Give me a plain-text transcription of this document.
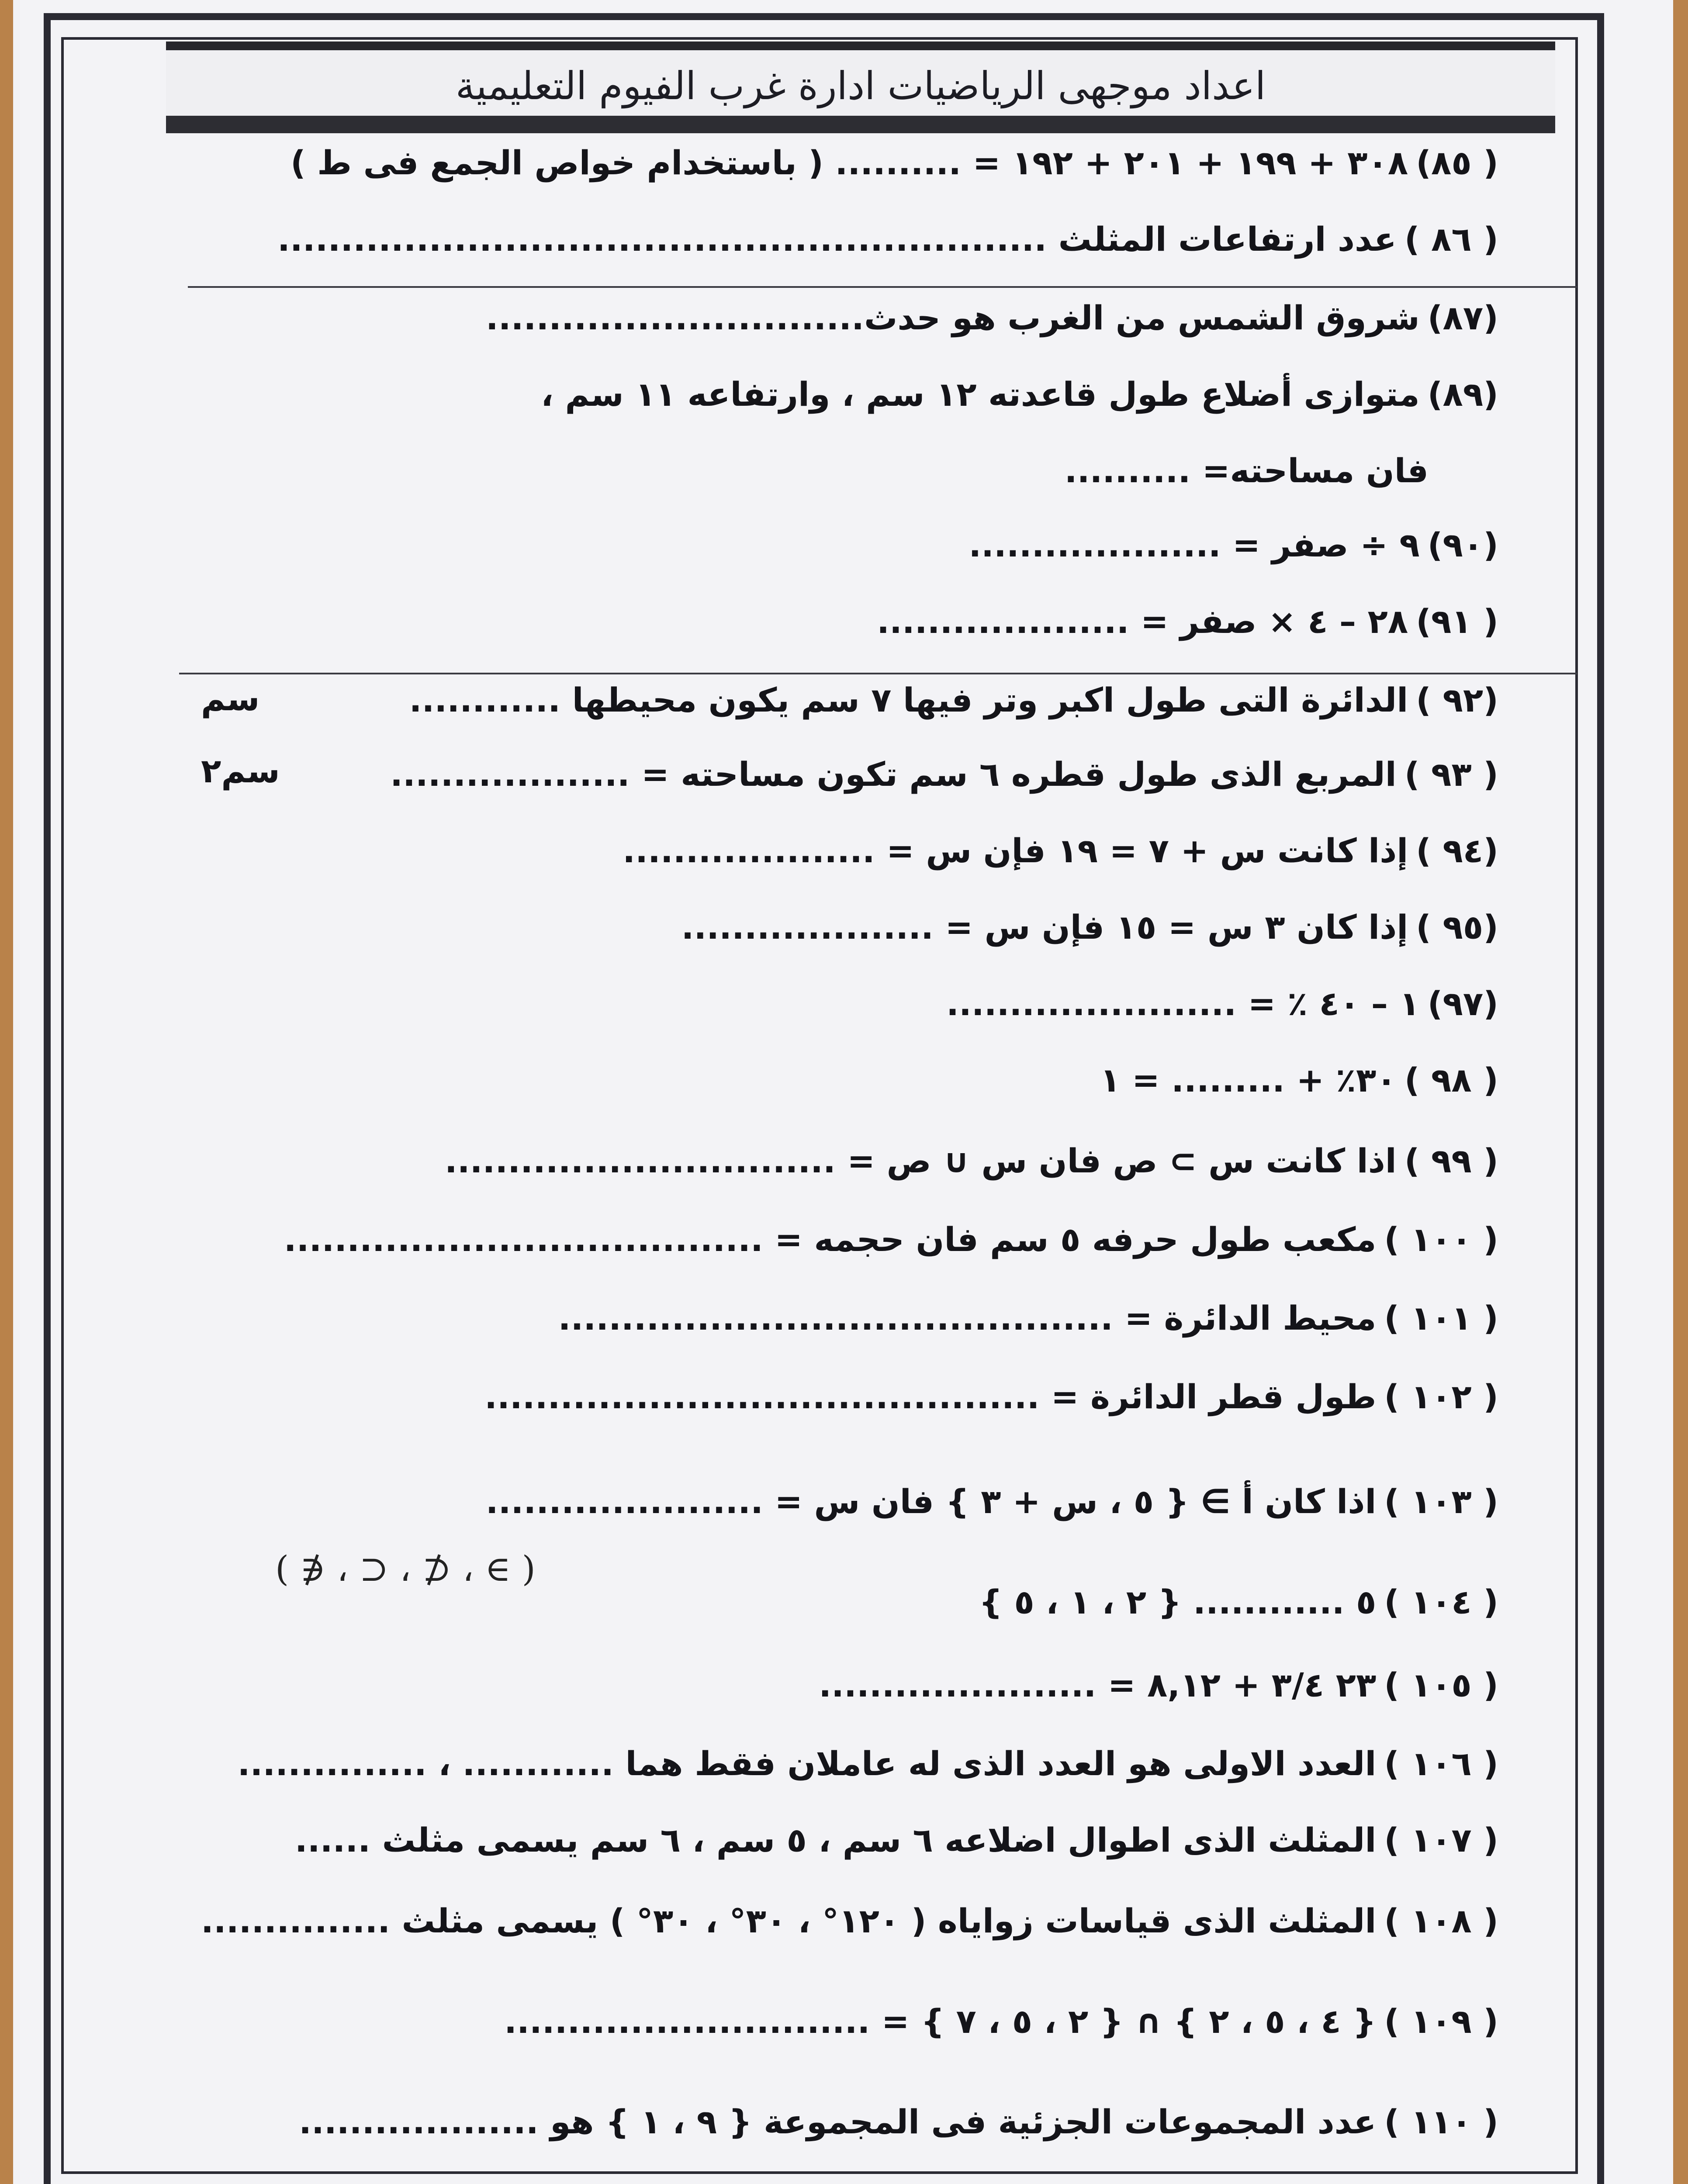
اعداد موجهى الرياضيات ادارة غرب الفيوم التعليمية
( ٨٥)٣٠٨ + ١٩٩ + ٢٠١ + ١٩٢ = .......... ( باستخدام خواص الجمع فى ط )
( ٨٦ )عدد ارتفاعات المثلث .............................................................
(٨٧)شروق الشمس من الغرب هو حدث..............................
(٨٩)متوازى أضلاع طول قاعدته ١٢ سم ، وارتفاعه ١١ سم ،
فان مساحته= ..........
(٩٠)٩ ÷ صفر = ....................
( ٩١)٢٨ – ٤ × صفر = ....................
(٩٢ )الدائرة التى طول اكبر وتر فيها ٧ سم يكون محيطها ............
سم
( ٩٣ )المربع الذى طول قطره ٦ سم تكون مساحته = ...................
سم٢
(٩٤ )إذا كانت س + ٧ = ١٩ فإن س = ....................
(٩٥ )إذا كان ٣ س = ١٥ فإن س = ....................
(٩٧)١ – ٤٠ ٪ = .......................
( ٩٨ )٣٠٪ + ......... = ١
( ٩٩ )اذا كانت س ⊃ ص فان س ∪ ص = ...............................
( ١٠٠ )مكعب طول حرفه ٥ سم فان حجمه = ......................................
( ١٠١ )محيط الدائرة = ............................................
( ١٠٢ )طول قطر الدائرة = ............................................
( ١٠٣ )اذا كان أ ∋ { ٥ ، س + ٣ } فان س = ......................
( ١٠٤ )٥ ............ { ٢ ، ١ ، ٥ }
( ∌ ، ⊃ ، ⊅ ، ∈ )
( ١٠٥ )٢٣ ٣/٤ + ٨,١٢ = ......................
( ١٠٦ )العدد الاولى هو العدد الذى له عاملان فقط هما ............ ، ...............
( ١٠٧ )المثلث الذى اطوال اضلاعه ٦ سم ، ٥ سم ، ٦ سم يسمى مثلث ......
( ١٠٨ )المثلث الذى قياسات زواياه ( ١٢٠° ، ٣٠° ، ٣٠° ) يسمى مثلث ...............
( ١٠٩ ){ ٤ ، ٥ ، ٢ } ∩ { ٢ ، ٥ ، ٧ } = .............................
( ١١٠ )عدد المجموعات الجزئية فى المجموعة { ٩ ، ١ } هو ...................
